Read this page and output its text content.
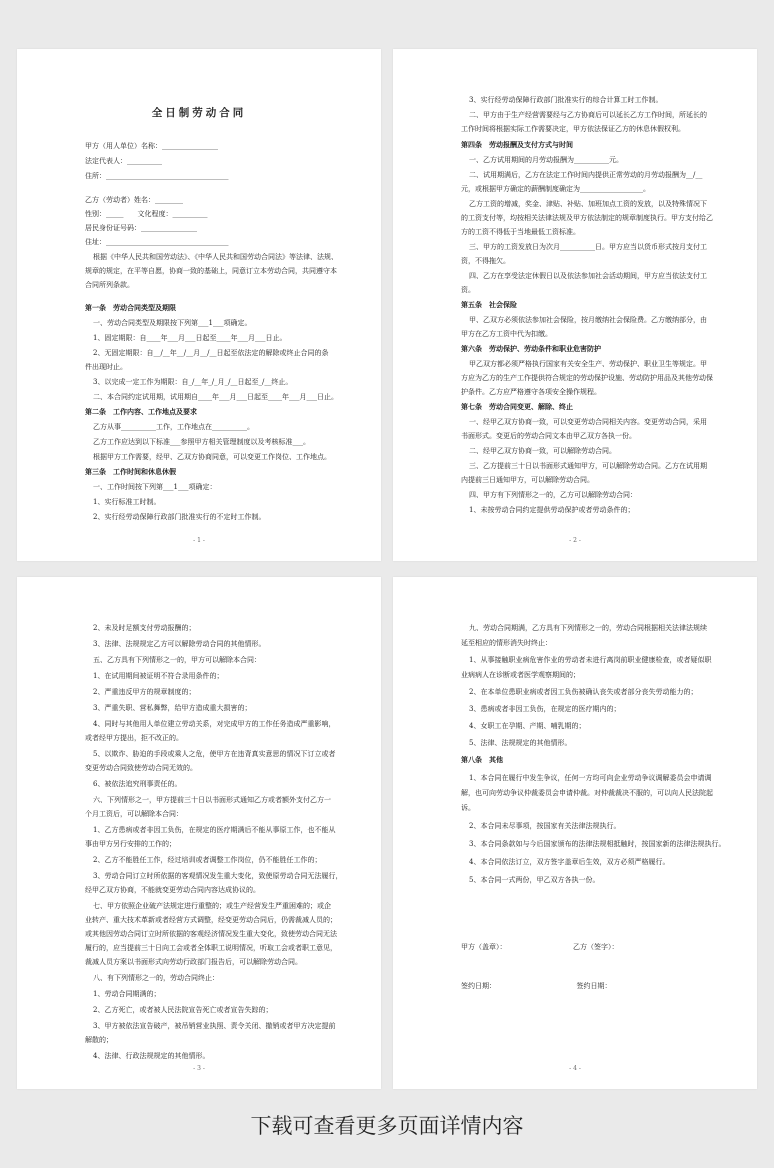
全日制劳动合同
甲方（用人单位）名称：________________
法定代表人：__________
住所：___________________________________
乙方（劳动者）姓名：________
性别：_____　　文化程度：__________
居民身份证号码：________________
住址：___________________________________
根据《中华人民共和国劳动法》、《中华人民共和国劳动合同法》等法律、法规、
规章的规定，在平等自愿，协商一致的基础上，同意订立本劳动合同，共同遵守本
合同所列条款。
第一条　劳动合同类型及期限
一、劳动合同类型及期限按下列第___1___项确定。
1、固定期限：自____年___月___日起至____年___月___日止。
2、无固定期限：自__/__年__/__月__/__日起至依法定的解除或终止合同的条
件出现时止。
3、以完成一定工作为期限：自_/__年_/_月_/__日起至_/__终止。
二、本合同约定试用期，试用期自____年___月___日起至____年___月___日止。
第二条　工作内容、工作地点及要求
乙方从事__________工作，工作地点在__________。
乙方工作应达到以下标准___参照甲方相关管理制度以及考核标准___。
根据甲方工作需要，经甲、乙双方协商同意，可以变更工作岗位、工作地点。
第三条　工作时间和休息休假
一、工作时间按下列第___1___项确定：
1、实行标准工时制。
2、实行经劳动保障行政部门批准实行的不定时工作制。
- 1 -
3、实行经劳动保障行政部门批准实行的综合计算工时工作制。
二、甲方由于生产经营需要经与乙方协商后可以延长乙方工作时间，所延长的
工作时间将根据实际工作需要决定，甲方依法保证乙方的休息休假权利。
第四条　劳动报酬及支付方式与时间
一、乙方试用期间的月劳动报酬为__________元。
二、试用期满后，乙方在法定工作时间内提供正常劳动的月劳动报酬为__/__
元，或根据甲方确定的薪酬制度确定为__________________。
乙方工资的增减，奖金、津贴、补贴、加班加点工资的发放，以及特殊情况下
的工资支付等，均按相关法律法规及甲方依法制定的规章制度执行。甲方支付给乙
方的工资不得低于当地最低工资标准。
三、甲方的工资发放日为次月__________日。甲方应当以货币形式按月支付工
资，不得拖欠。
四、乙方在享受法定休假日以及依法参加社会活动期间，甲方应当依法支付工
资。
第五条　社会保险
甲、乙双方必须依法参加社会保险，按月缴纳社会保险费。乙方缴纳部分，由
甲方在乙方工资中代为扣缴。
第六条　劳动保护、劳动条件和职业危害防护
甲乙双方都必须严格执行国家有关安全生产、劳动保护、职业卫生等规定。甲
方应为乙方的生产工作提供符合规定的劳动保护设施、劳动防护用品及其他劳动保
护条件。乙方应严格遵守各项安全操作规程。
第七条　劳动合同变更、解除、终止
一、经甲乙双方协商一致，可以变更劳动合同相关内容。变更劳动合同，采用
书面形式。变更后的劳动合同文本由甲乙双方各执一份。
二、经甲乙双方协商一致，可以解除劳动合同。
三、乙方提前三十日以书面形式通知甲方，可以解除劳动合同。乙方在试用期
内提前三日通知甲方，可以解除劳动合同。
四、甲方有下列情形之一的，乙方可以解除劳动合同：
1、未按劳动合同约定提供劳动保护或者劳动条件的；
- 2 -
2、未及时足额支付劳动报酬的；
3、法律、法规规定乙方可以解除劳动合同的其他情形。
五、乙方具有下列情形之一的，甲方可以解除本合同：
1、在试用期间被证明不符合录用条件的；
2、严重违反甲方的规章制度的；
3、严重失职、营私舞弊，给甲方造成重大损害的；
4、同时与其他用人单位建立劳动关系，对完成甲方的工作任务造成严重影响，
或者经甲方提出，拒不改正的。
5、以欺诈、胁迫的手段或乘人之危，使甲方在违背真实意思的情况下订立或者
变更劳动合同致使劳动合同无效的。
6、被依法追究刑事责任的。
六、下列情形之一，甲方提前三十日以书面形式通知乙方或者额外支付乙方一
个月工资后，可以解除本合同：
1、乙方患病或者非因工负伤，在规定的医疗期满后不能从事原工作，也不能从
事由甲方另行安排的工作的；
2、乙方不能胜任工作，经过培训或者调整工作岗位，仍不能胜任工作的；
3、劳动合同订立时所依据的客观情况发生重大变化，致使原劳动合同无法履行，
经甲乙双方协商，不能就变更劳动合同内容达成协议的。
七、甲方依照企业破产法规定进行重整的；或生产经营发生严重困难的；或企
业转产、重大技术革新或者经营方式调整，经变更劳动合同后，仍需裁减人员的；
或其他因劳动合同订立时所依据的客观经济情况发生重大变化，致使劳动合同无法
履行的，应当提前三十日向工会或者全体职工说明情况，听取工会或者职工意见，
裁减人员方案以书面形式向劳动行政部门报告后，可以解除劳动合同。
八、有下列情形之一的，劳动合同终止：
1、劳动合同期满的；
2、乙方死亡，或者被人民法院宣告死亡或者宣告失踪的；
3、甲方被依法宣告破产，被吊销营业执照、责令关闭、撤销或者甲方决定提前
解散的；
4、法律、行政法规规定的其他情形。
- 3 -
九、劳动合同期满，乙方具有下列情形之一的，劳动合同根据相关法律法规续
延至相应的情形消失时终止：
1、从事接触职业病危害作业的劳动者未进行离岗前职业健康检查，或者疑似职
业病病人在诊断或者医学观察期间的；
2、在本单位患职业病或者因工负伤被确认丧失或者部分丧失劳动能力的；
3、患病或者非因工负伤，在规定的医疗期内的；
4、女职工在孕期、产期、哺乳期的；
5、法律、法规规定的其他情形。
第八条　其他
1、本合同在履行中发生争议，任何一方均可向企业劳动争议调解委员会申请调
解，也可向劳动争议仲裁委员会申请仲裁。对仲裁裁决不服的，可以向人民法院起
诉。
2、本合同未尽事项，按国家有关法律法规执行。
3、本合同条款如与今后国家颁布的法律法规相抵触时，按国家新的法律法规执行。
4、本合同依法订立，双方签字盖章后生效，双方必须严格履行。
5、本合同一式两份，甲乙双方各执一份。
甲方（盖章）：　　　　　　　　　　乙方（签字）：
签约日期：　　　　　　　　　　　　签约日期：
- 4 -
下载可查看更多页面详情内容
